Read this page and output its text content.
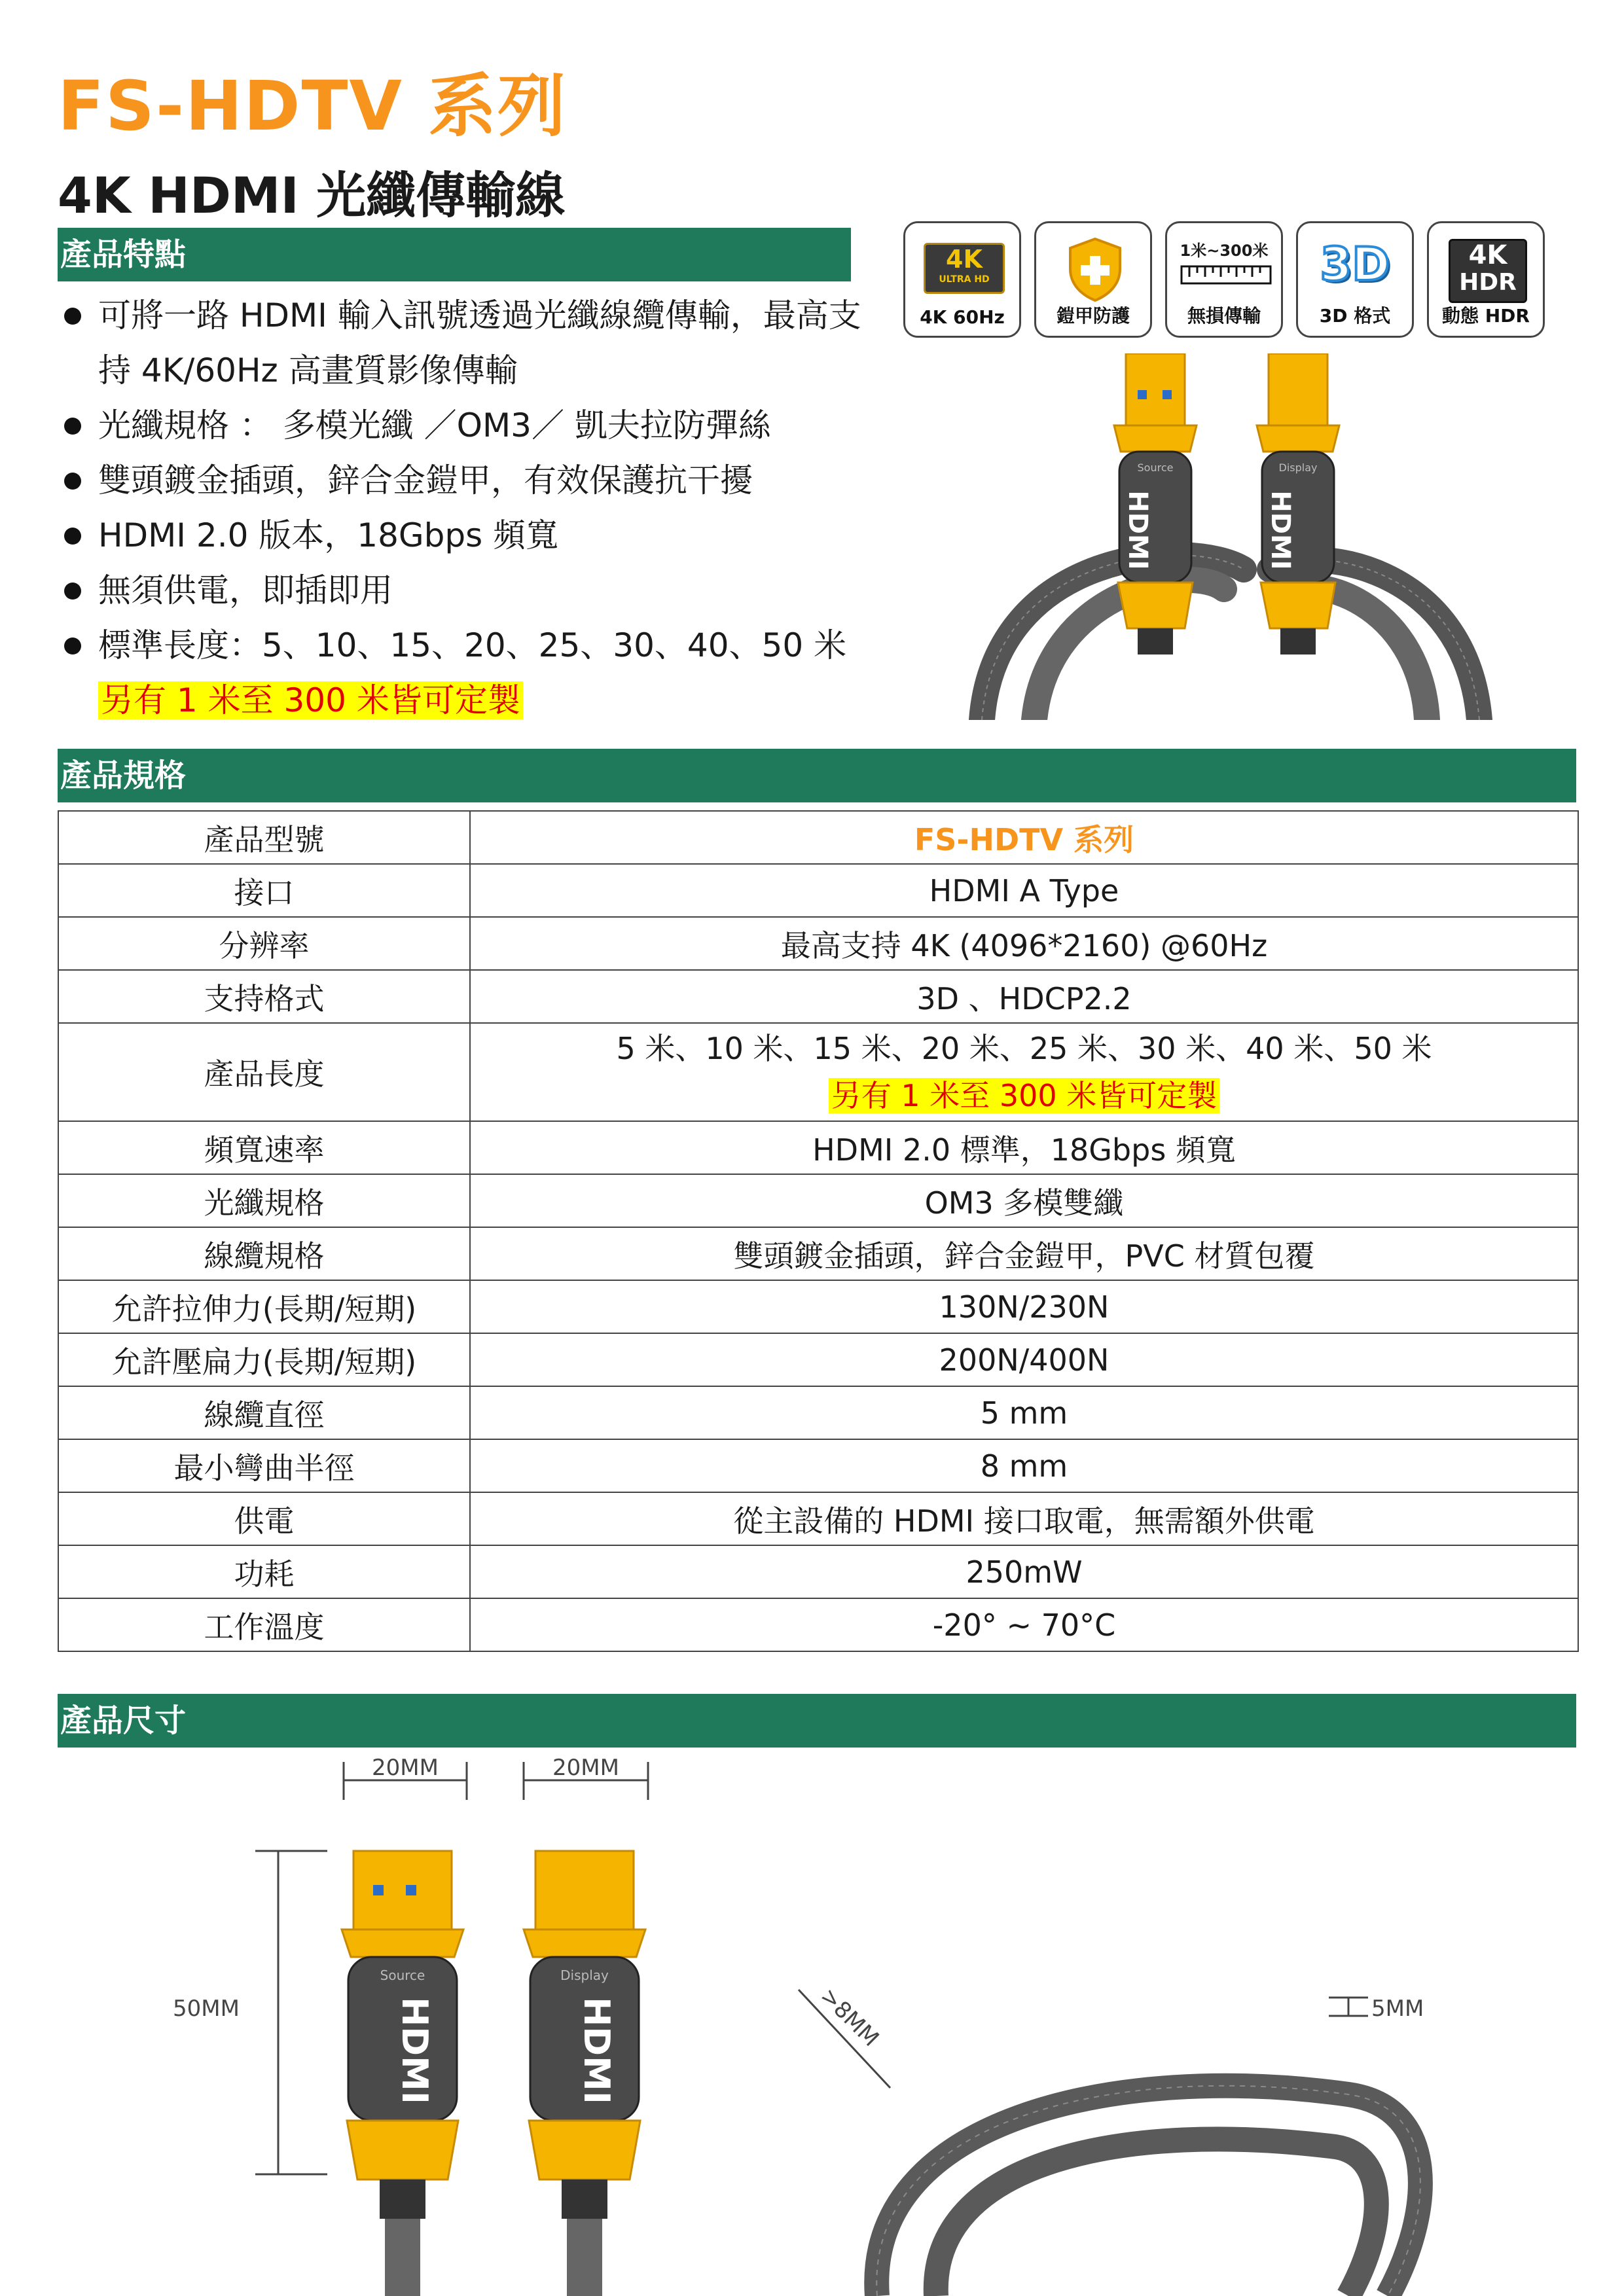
FS-HDTV 系列
4K HDMI 光纖傳輸線
產品特點
可將一路 HDMI 輸入訊號透過光纖線纜傳輸，最高支持 4K/60Hz 高畫質影像傳輸
光纖規格 ： 多模光纖 ／OM3／ 凱夫拉防彈絲
雙頭鍍金插頭，鋅合金鎧甲，有效保護抗干擾
HDMI 2.0 版本，18Gbps 頻寬
無須供電，即插即用
標準長度：5、10、15、20、25、30、40、50 米
另有 1 米至 300 米皆可定製
4K
ULTRA HD
4K 60Hz	鎧甲防護
1米~300米
無損傳輸
3D
3D 格式
4K
HDR
動態 HDR
Source
HDMI
Display
HDMI
產品規格
產品型號	FS-HDTV 系列
接口	HDMI A Type
分辨率	最高支持 4K (4096*2160) @60Hz
支持格式	3D 、HDCP2.2
產品長度	5 米、10 米、15 米、20 米、25 米、30 米、40 米、50 米
另有 1 米至 300 米皆可定製

頻寬速率	HDMI 2.0 標準，18Gbps 頻寬
光纖規格	OM3 多模雙纖
線纜規格	雙頭鍍金插頭，鋅合金鎧甲，PVC 材質包覆
允許拉伸力(長期/短期)	130N/230N
允許壓扁力(長期/短期)	200N/400N
線纜直徑	5 mm
最小彎曲半徑	8 mm
供電	從主設備的 HDMI 接口取電，無需額外供電
功耗	250mW
工作溫度	-20° ~ 70°C
產品尺寸
20MM	20MM
50MM
Source
HDMI
Display
HDMI	>8MM	5MM
